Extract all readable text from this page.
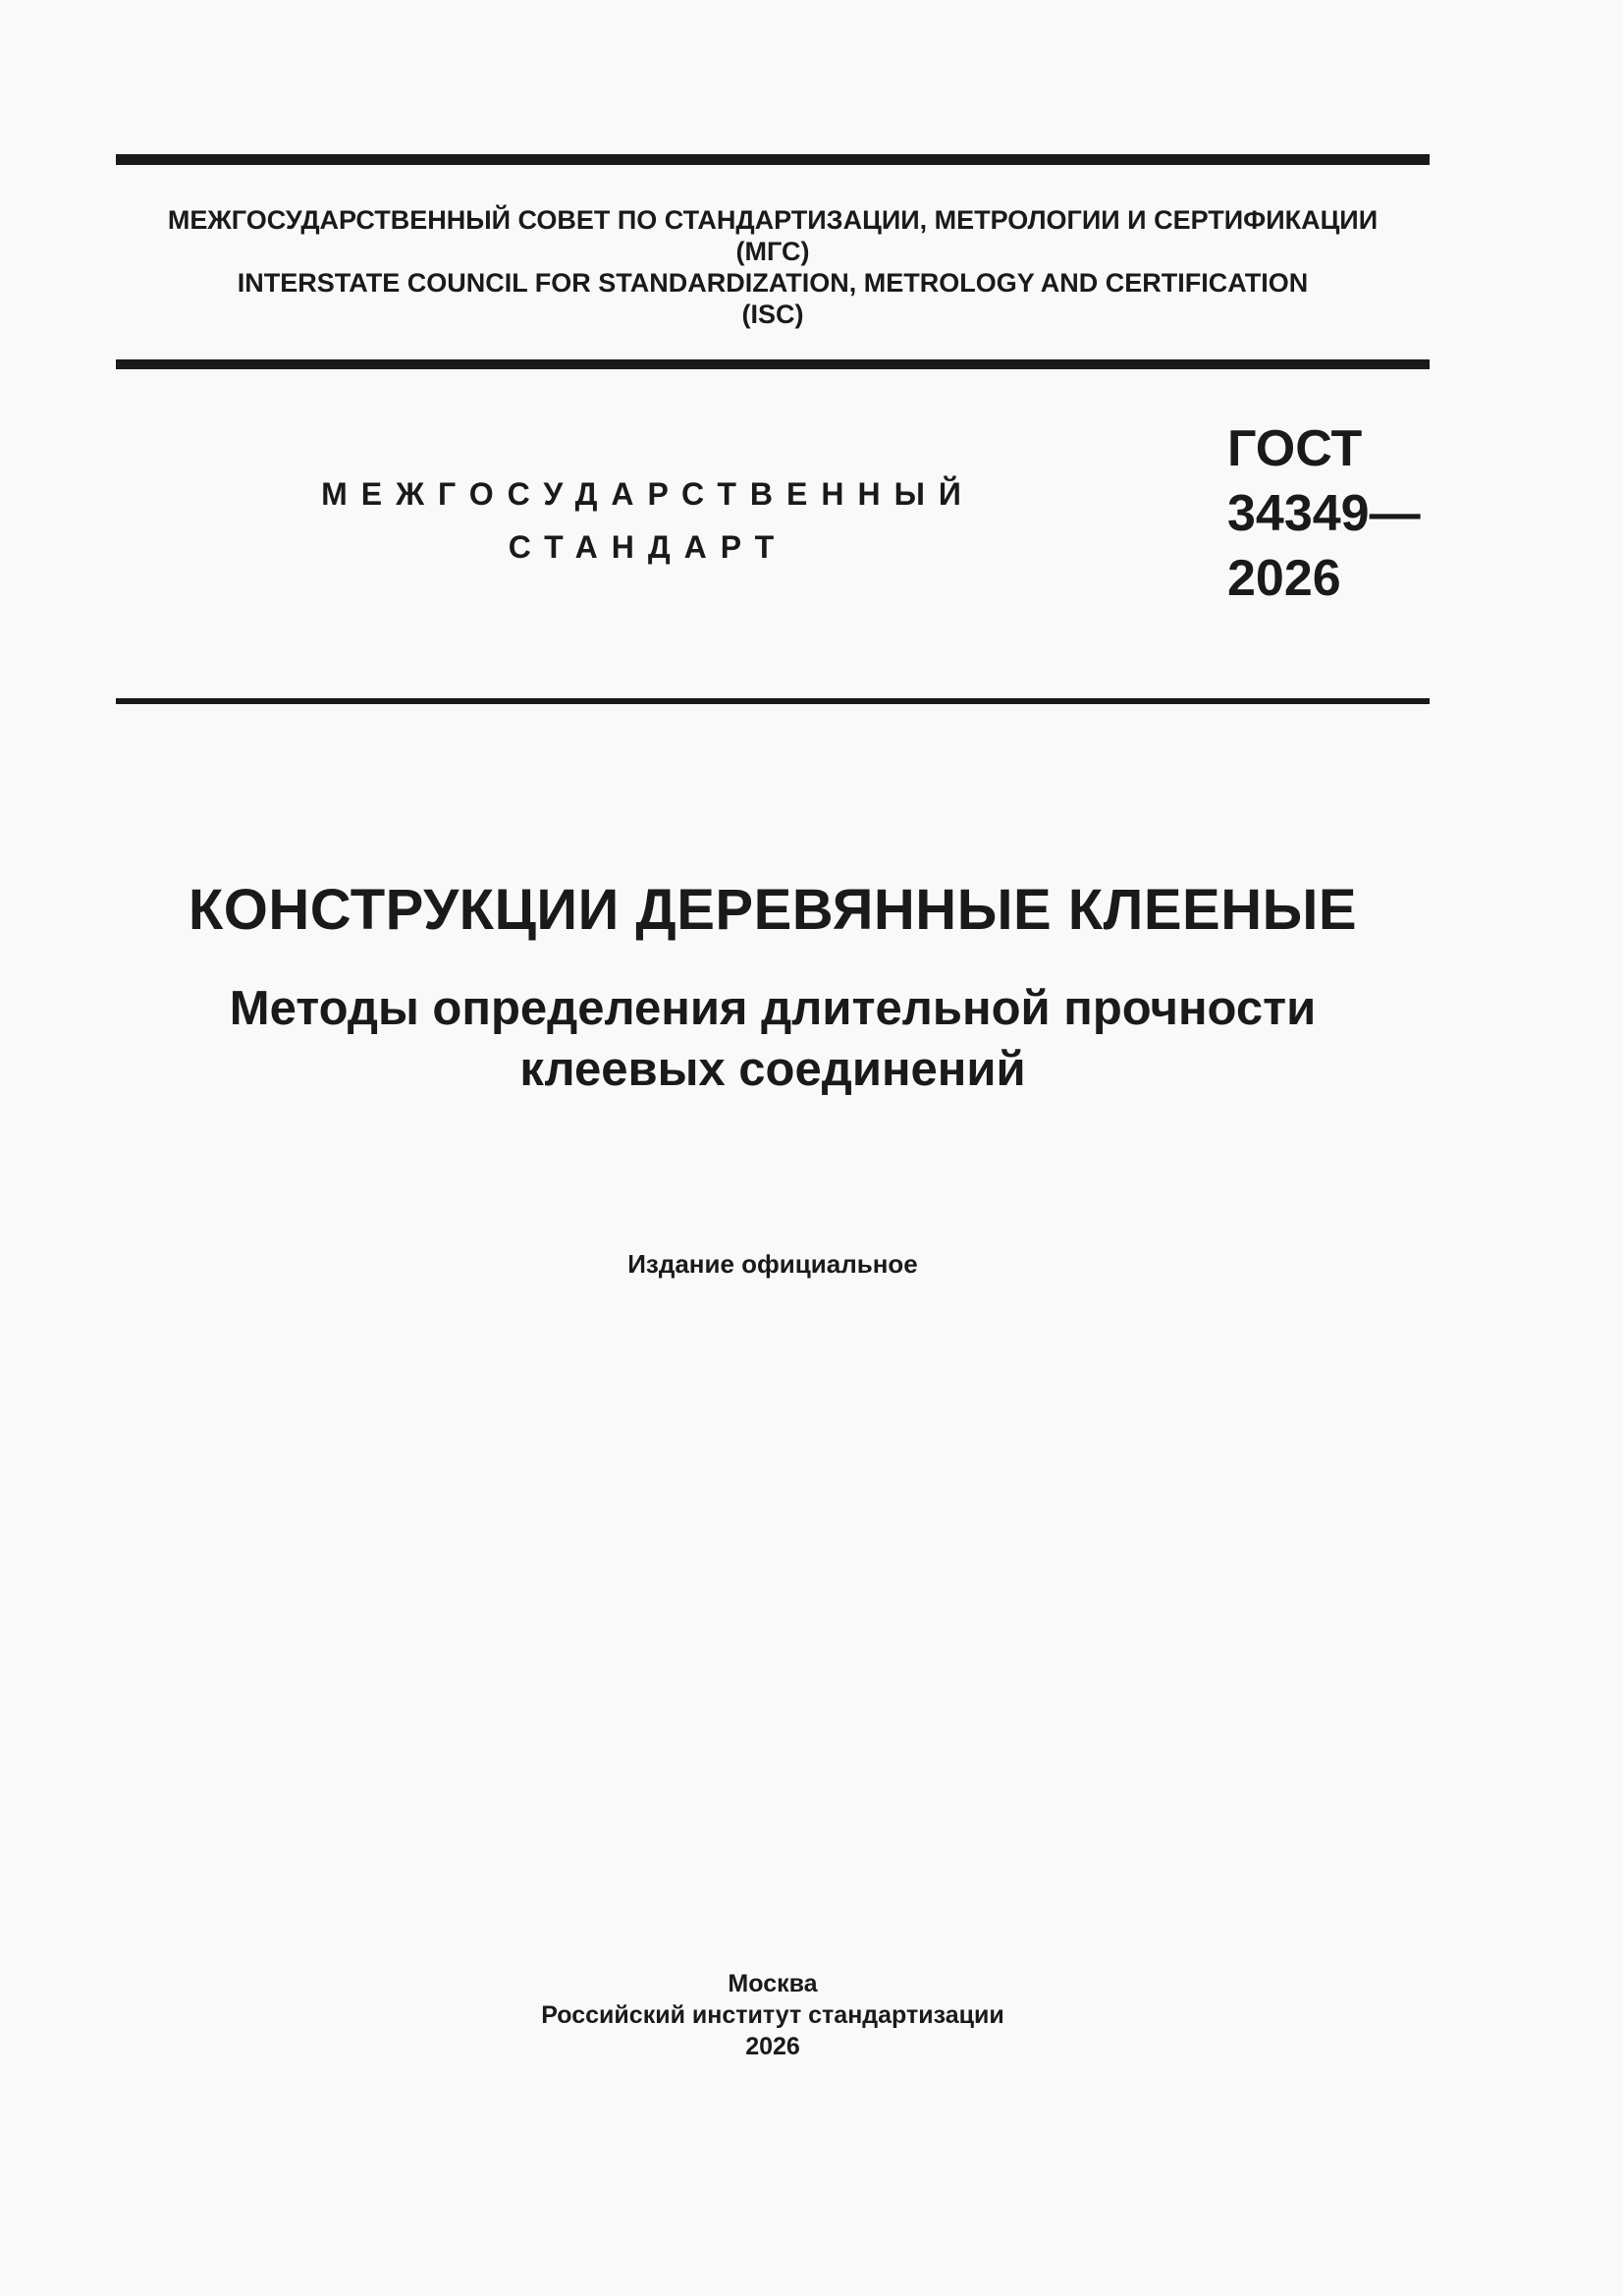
МЕЖГОСУДАРСТВЕННЫЙ СОВЕТ ПО СТАНДАРТИЗАЦИИ, МЕТРОЛОГИИ И СЕРТИФИКАЦИИ
(МГС)
INTERSTATE COUNCIL FOR STANDARDIZATION, METROLOGY AND CERTIFICATION
(ISC)
МЕЖГОСУДАРСТВЕННЫЙ
СТАНДАРТ
ГОСТ
34349—
2026
КОНСТРУКЦИИ ДЕРЕВЯННЫЕ КЛЕЕНЫЕ
Методы определения длительной прочности
клеевых соединений
Издание официальное
Москва
Российский институт стандартизации
2026
